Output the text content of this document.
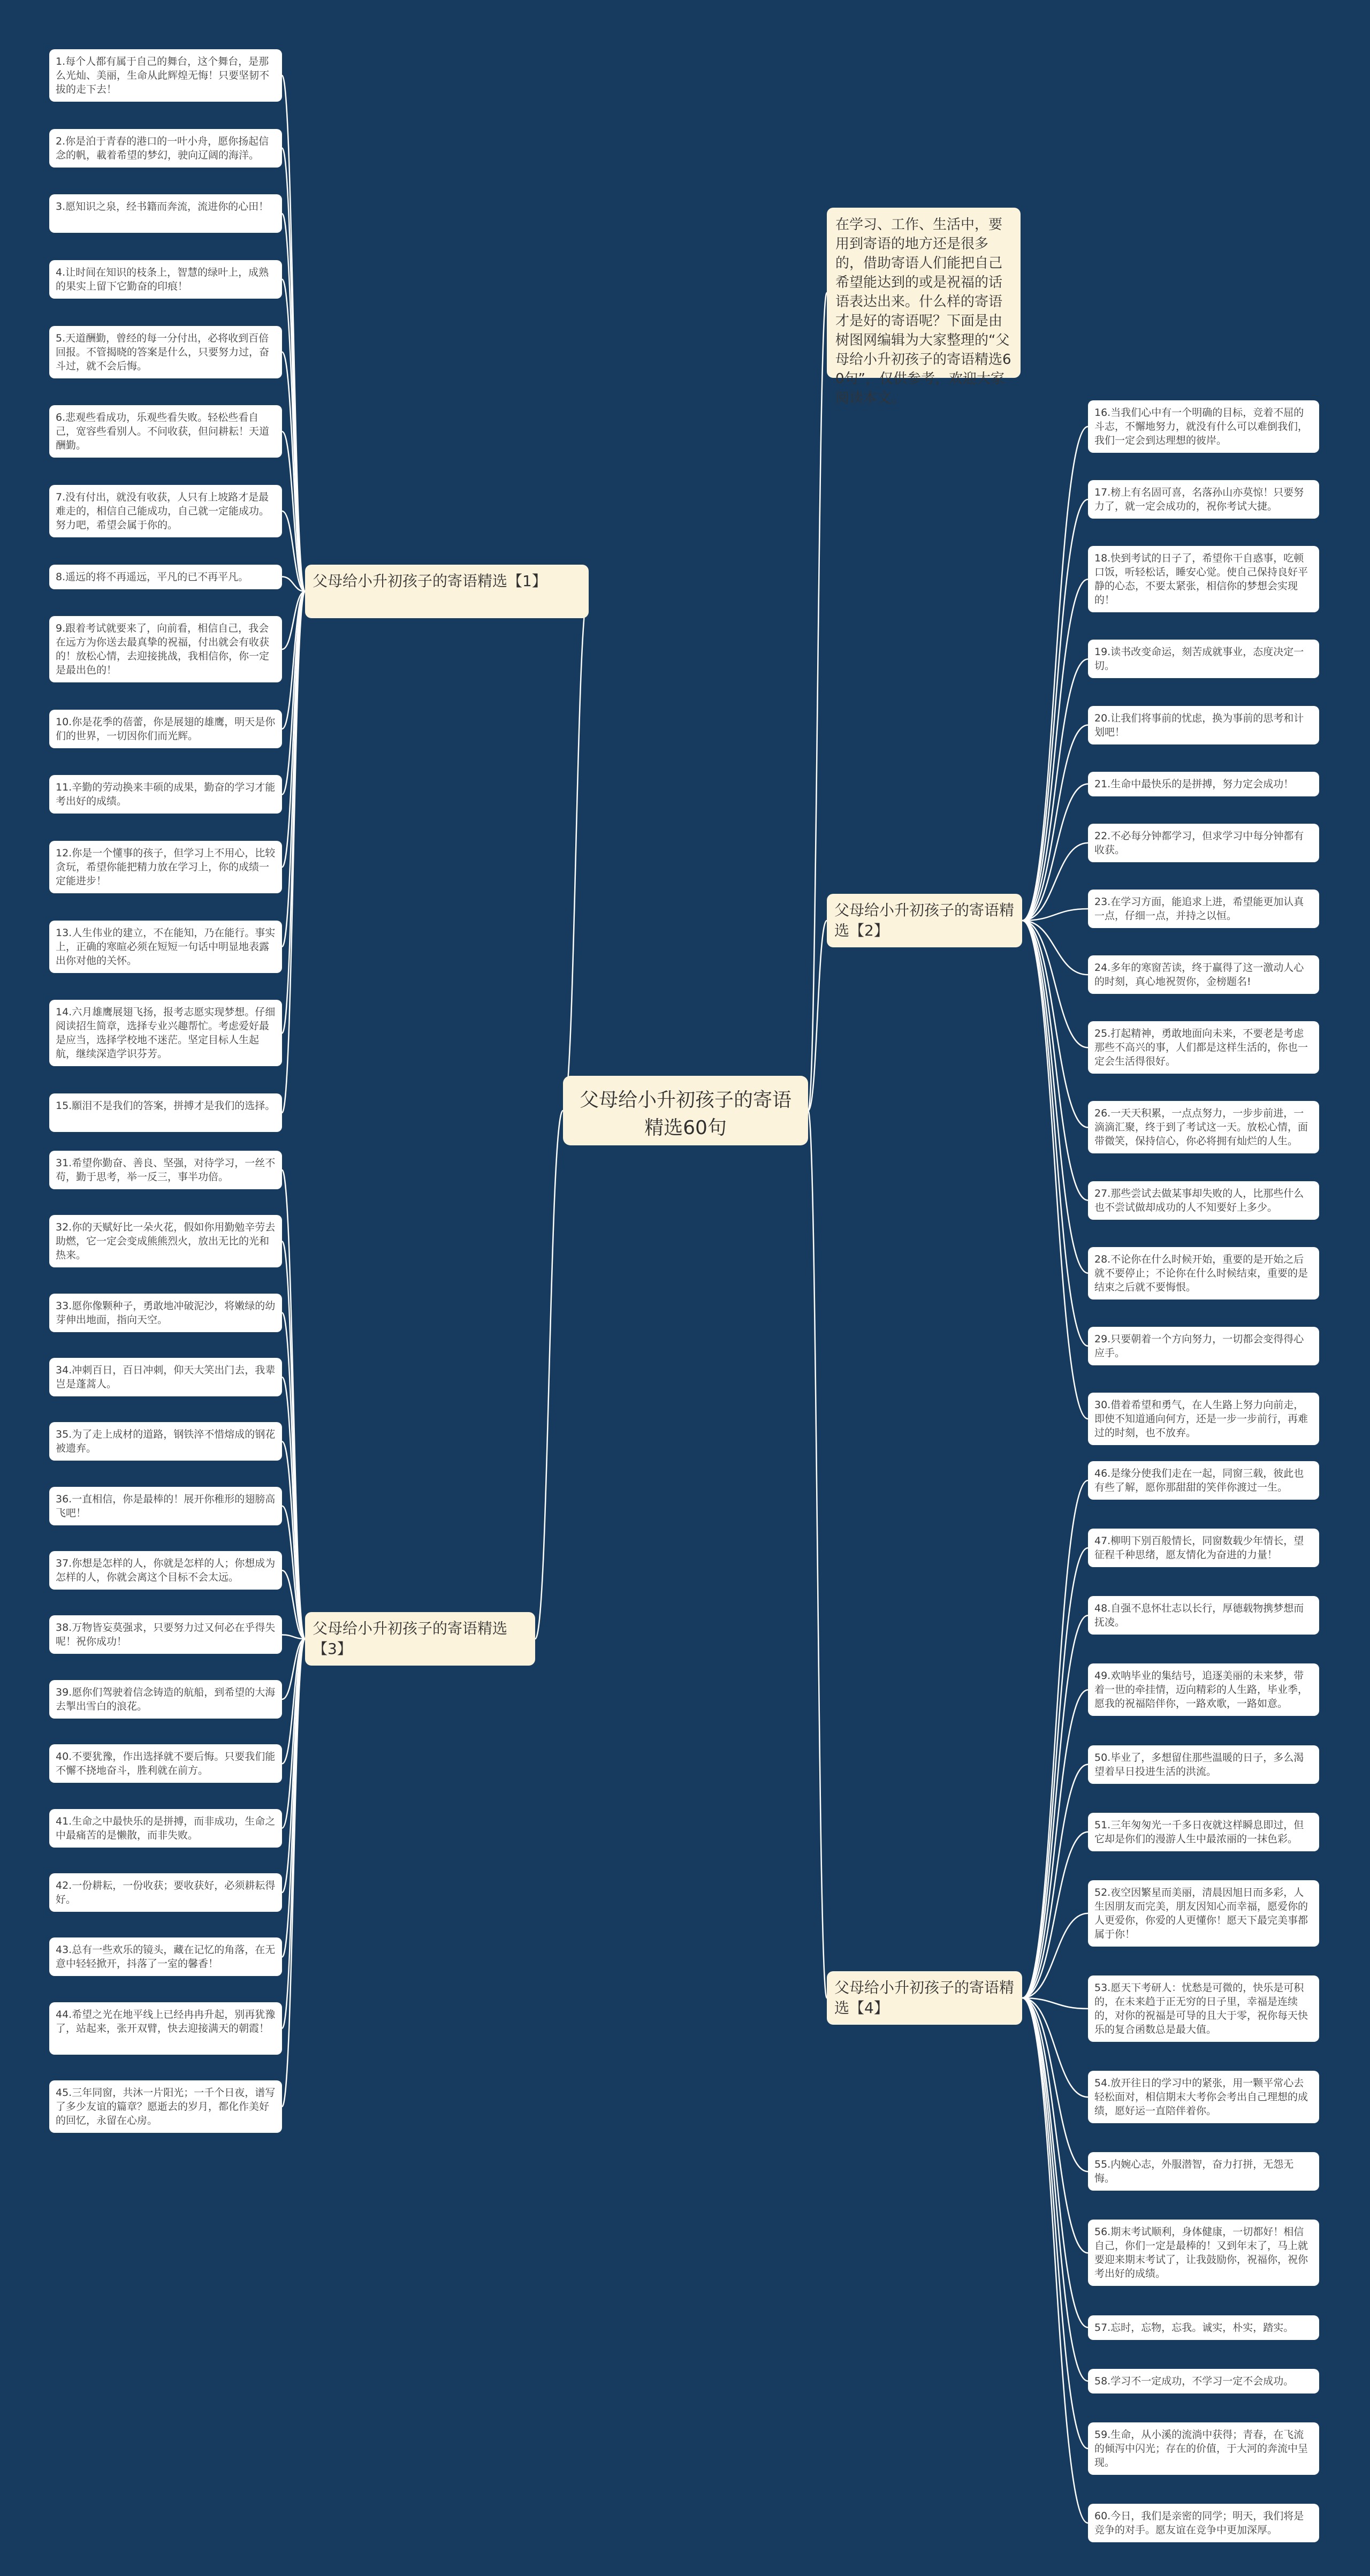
父母给小升初孩子的寄语精选60句
在学习、工作、生活中，要用到寄语的地方还是很多的，借助寄语人们能把自己希望能达到的或是祝福的话语表达出来。什么样的寄语才是好的寄语呢？下面是由树图网编辑为大家整理的“父母给小升初孩子的寄语精选60句”，仅供参考，欢迎大家阅读本文。
父母给小升初孩子的寄语精选【1】
1.每个人都有属于自己的舞台，这个舞台，是那么光灿、美丽，生命从此辉煌无悔！只要坚韧不拔的走下去！
2.你是泊于青春的港口的一叶小舟，愿你扬起信念的帆，載着希望的梦幻，驶向辽阔的海洋。
3.愿知识之泉，经书籍而奔流，流进你的心田！
4.让时间在知识的枝条上，智慧的绿叶上，成熟的果实上留下它勤奋的印痕！
5.天道酬勤，曾经的每一分付出，必将收到百倍回报。不管揭晓的答案是什么，只要努力过，奋斗过，就不会后悔。
6.悲观些看成功，乐观些看失败。轻松些看自己，宽容些看别人。不问收获，但问耕耘！天道酬勤。
7.没有付出，就没有收获，人只有上坡路才是最难走的，相信自己能成功，自己就一定能成功。努力吧，希望会属于你的。
8.遥远的将不再遥远，平凡的已不再平凡。
9.跟着考试就要来了，向前看，相信自己，我会在远方为你送去最真挚的祝福，付出就会有收获的！放松心情，去迎接挑战，我相信你，你一定是最出色的！
10.你是花季的蓓蕾，你是展翅的雄鹰，明天是你们的世界，一切因你们而光辉。
11.辛勤的劳动换来丰硕的成果，勤奋的学习才能考出好的成绩。
12.你是一个懂事的孩子，但学习上不用心，比较贪玩，希望你能把精力放在学习上，你的成绩一定能进步！
13.人生伟业的建立，不在能知，乃在能行。事实上，正确的寒暄必须在短短一句话中明显地表露出你对他的关怀。
14.六月雄鹰展翅飞扬，报考志愿实现梦想。仔细阅读招生简章，选择专业兴趣帮忙。考虑爱好最是应当，选择学校地不迷茫。坚定目标人生起航，继续深造学识芬芳。
15.願泪不是我们的答案，拼搏才是我们的选择。
父母给小升初孩子的寄语精选【2】
16.当我们心中有一个明确的目标，竞着不屈的斗志，不懈地努力，就没有什么可以难倒我们，我们一定会到达理想的彼岸。
17.榜上有名固可喜，名落孙山亦莫惊！只要努力了，就一定会成功的，祝你考试大捷。
18.快到考试的日子了，希望你干自惑事，吃顿口饭，听轻松话，睡安心觉。使自己保持良好平静的心态，不要太紧张，相信你的梦想会实现的！
19.读书改变命运，刻苦成就事业，态度决定一切。
20.让我们将事前的忧虑，换为事前的思考和计划吧！
21.生命中最快乐的是拼搏，努力定会成功！
22.不必每分钟都学习，但求学习中每分钟都有收获。
23.在学习方面，能追求上进，希望能更加认真一点，仔细一点，并持之以恒。
24.多年的寒窗苦读，终于赢得了这一激动人心的时刻，真心地祝贺你，金榜题名!
25.打起精神，勇敢地面向未来，不要老是考虑那些不高兴的事，人们都是这样生活的，你也一定会生活得很好。
26.一天天积累，一点点努力，一步步前进，一滴滴汇聚，终于到了考试这一天。放松心情，面带微笑，保持信心，你必将拥有灿烂的人生。
27.那些尝试去做某事却失败的人，比那些什么也不尝试做却成功的人不知要好上多少。
28.不论你在什么时候开始，重要的是开始之后就不要停止；不论你在什么时候结束，重要的是结束之后就不要悔恨。
29.只要朝着一个方向努力，一切都会变得得心应手。
30.借着希望和勇气，在人生路上努力向前走，即使不知道通向何方，还是一步一步前行，再难过的时刻，也不放弃。
父母给小升初孩子的寄语精选【3】
31.希望你勤奋、善良、坚强，对待学习，一丝不苟，勤于思考，举一反三，事半功倍。
32.你的天赋好比一朵火花，假如你用勤勉辛劳去助燃，它一定会变成熊熊烈火，放出无比的光和热来。
33.愿你像颗种子，勇敢地冲破泥沙，将嫩绿的幼芽伸出地面，指向天空。
34.冲刺百日，百日冲刺，仰天大笑出门去，我辈岂是蓬蒿人。
35.为了走上成材的道路，钢铁淬不惜熔成的钢花被遗弃。
36.一直相信，你是最棒的！展开你稚形的翅膀高飞吧！
37.你想是怎样的人，你就是怎样的人；你想成为怎样的人，你就会离这个目标不会太远。
38.万物皆妄莫强求，只要努力过又何必在乎得失呢！祝你成功！
39.愿你们驾驶着信念铸造的航船，到希望的大海去掣出雪白的浪花。
40.不要犹豫，作出选择就不要后悔。只要我们能不懈不挠地奋斗，胜利就在前方。
41.生命之中最快乐的是拼搏，而非成功，生命之中最痛苦的是懒散，而非失败。
42.一份耕耘，一份收获；要收获好，必须耕耘得好。
43.总有一些欢乐的镜头，藏在记忆的角落，在无意中轻轻掀开，抖落了一室的馨香！
44.希望之光在地平线上已经冉冉升起，别再犹豫了，站起来，张开双臂，快去迎接满天的朝霞！
45.三年同窗，共沐一片阳光；一千个日夜，谱写了多少友谊的篇章？愿逝去的岁月，都化作美好的回忆，永留在心房。
父母给小升初孩子的寄语精选【4】
46.是缘分使我们走在一起，同窗三载，彼此也有些了解，愿你那甜甜的笑伴你渡过一生。
47.柳明下别百般情长，同窗数载少年情长，望征程千种思绪，愿友情化为奋进的力量！
48.自强不息怀壮志以长行，厚德载物携梦想而抚凌。
49.欢呐毕业的集结号，追逐美丽的未来梦，带着一世的牵挂情，迈向精彩的人生路，毕业季，愿我的祝福陪伴你，一路欢歌，一路如意。
50.毕业了，多想留住那些温暖的日子，多么渴望着早日投进生活的洪流。
51.三年匆匆光一千多日夜就这样瞬息即过，但它却是你们的漫游人生中最浓丽的一抹色彩。
52.夜空因繁星而美丽，清晨因旭日而多彩，人生因朋友而完美，朋友因知心而幸福，愿爱你的人更爱你，你爱的人更懂你！愿天下最完美事都属于你！
53.愿天下考研人：忧愁是可微的，快乐是可积的，在未来趋于正无穷的日子里，幸福是连续的，对你的祝福是可导的且大于零，祝你每天快乐的复合函数总是最大值。
54.放开往日的学习中的紧张，用一颗平常心去轻松面对，相信期末大考你会考出自己理想的成绩，愿好运一直陪伴着你。
55.内婉心志，外服潜智，奋力打拼，无怨无悔。
56.期末考试顺利，身体健康，一切都好！相信自己，你们一定是最棒的！又到年末了，马上就要迎来期末考试了，让我鼓励你，祝福你，祝你考出好的成绩。
57.忘时，忘物，忘我。诚实，朴实，踏实。
58.学习不一定成功，不学习一定不会成功。
59.生命，从小溪的流淌中获得；青春，在飞流的倾泻中闪光；存在的价值，于大河的奔流中呈现。
60.今日，我们是亲密的同学；明天，我们将是竞争的对手。愿友谊在竞争中更加深厚。
